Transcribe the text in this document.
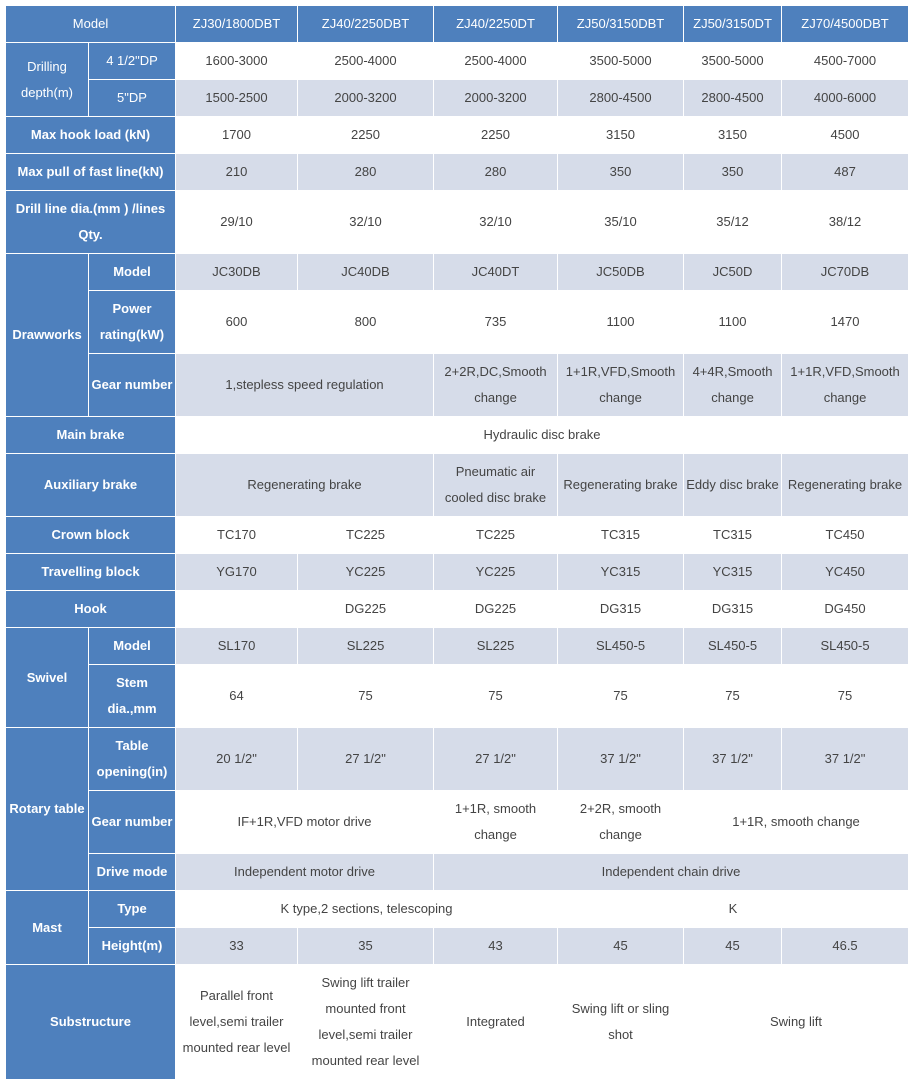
Model		ZJ30/1800DBT	ZJ40/2250DBT	ZJ40/2250DT	ZJ50/3150DBT	ZJ50/3150DT	ZJ70/4500DBT
Drilling depth(m)	4 1/2"DP	1600-3000	2500-4000	2500-4000	3500-5000	3500-5000	4500-7000
	5"DP	1500-2500	2000-3200	2000-3200	2800-4500	2800-4500	4000-6000
Max hook load (kN)		1700	2250	2250	3150	3150	4500
Max pull of fast line(kN)		210	280	280	350	350	487
Drill line dia.(mm ) /lines Qty.		29/10	32/10	32/10	35/10	35/12	38/12
Drawworks	Model	JC30DB	JC40DB	JC40DT	JC50DB	JC50D	JC70DB
	Power rating(kW)	600	800	735	1100	1100	1470
	Gear number	1,stepless speed regulation		2+2R,DC,Smooth change	1+1R,VFD,Smooth change	4+4R,Smooth change	1+1R,VFD,Smooth change
Main brake		Hydraulic disc brake					
Auxiliary brake		Regenerating brake		Pneumatic air cooled disc brake	Regenerating brake	Eddy disc brake	Regenerating brake
Crown block		TC170	TC225	TC225	TC315	TC315	TC450
Travelling block		YG170	YC225	YC225	YC315	YC315	YC450
Hook			DG225	DG225	DG315	DG315	DG450
Swivel	Model	SL170	SL225	SL225	SL450-5	SL450-5	SL450-5
	Stem dia.,mm	64	75	75	75	75	75
Rotary table	Table opening(in)	20 1/2"	27 1/2"	27 1/2"	37 1/2"	37 1/2"	37 1/2"
	Gear number	IF+1R,VFD motor drive		1+1R, smooth change	2+2R, smooth change	1+1R, smooth change	
	Drive mode	Independent motor drive		Independent chain drive			
Mast	Type	K type,2 sections, telescoping			K		
	Height(m)	33	35	43	45	45	46.5
Substructure		Parallel front level,semi trailer mounted rear level	Swing lift trailer mounted front level,semi trailer mounted rear level	Integrated	Swing lift or sling shot	Swing lift	
